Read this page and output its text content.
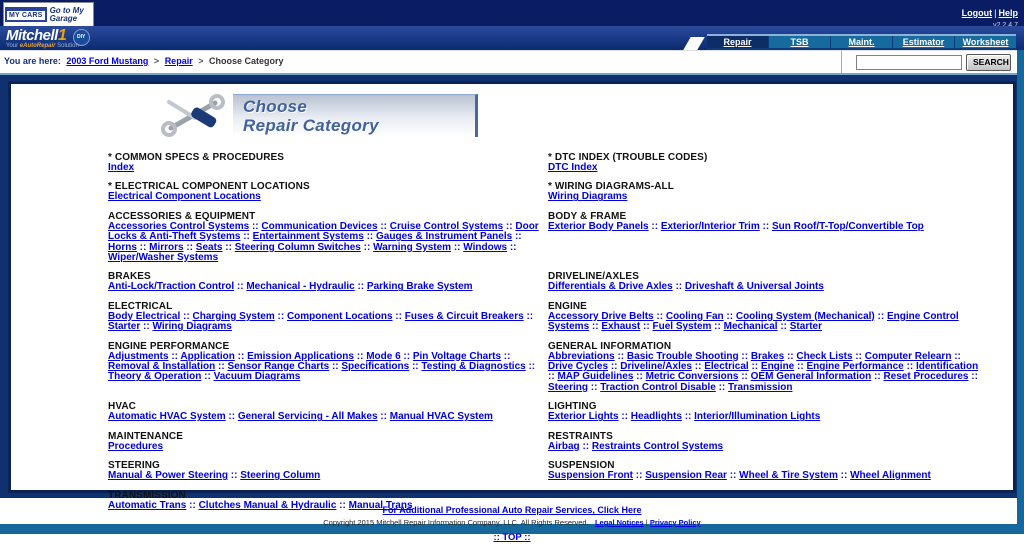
MY CARS
Go to My Garage	Logout | Help
Mitchell1 DIY
Your eAutoRepair Solution	Repair	TSB	Maint.	Estimator	Worksheet
You are here: 2003 Ford Mustang > Repair > Choose Category	SEARCH
Choose
Repair Category
* COMMON SPECS & PROCEDURES
Index
* DTC INDEX (TROUBLE CODES)
DTC Index
* ELECTRICAL COMPONENT LOCATIONS
Electrical Component Locations
* WIRING DIAGRAMS-ALL
Wiring Diagrams
ACCESSORIES & EQUIPMENT
Accessories Control Systems :: Communication Devices :: Cruise Control Systems :: Door Locks & Anti-Theft Systems :: Entertainment Systems :: Gauges & Instrument Panels :: Horns :: Mirrors :: Seats :: Steering Column Switches :: Warning System :: Windows :: Wiper/Washer Systems
BODY & FRAME
Exterior Body Panels :: Exterior/Interior Trim :: Sun Roof/T-Top/Convertible Top
BRAKES
Anti-Lock/Traction Control :: Mechanical - Hydraulic :: Parking Brake System
DRIVELINE/AXLES
Differentials & Drive Axles :: Driveshaft & Universal Joints
ELECTRICAL
Body Electrical :: Charging System :: Component Locations :: Fuses & Circuit Breakers :: Starter :: Wiring Diagrams
ENGINE
Accessory Drive Belts :: Cooling Fan :: Cooling System (Mechanical) :: Engine Control Systems :: Exhaust :: Fuel System :: Mechanical :: Starter
ENGINE PERFORMANCE
Adjustments :: Application :: Emission Applications :: Mode 6 :: Pin Voltage Charts :: Removal & Installation :: Sensor Range Charts :: Specifications :: Testing & Diagnostics :: Theory & Operation :: Vacuum Diagrams
GENERAL INFORMATION
Abbreviations :: Basic Trouble Shooting :: Brakes :: Check Lists :: Computer Relearn :: Drive Cycles :: Driveline/Axles :: Electrical :: Engine :: Engine Performance :: Identification :: MAP Guidelines :: Metric Conversions :: OEM General Information :: Reset Procedures :: Steering :: Traction Control Disable :: Transmission
HVAC
Automatic HVAC System :: General Servicing - All Makes :: Manual HVAC System
LIGHTING
Exterior Lights :: Headlights :: Interior/Illumination Lights
MAINTENANCE
Procedures
RESTRAINTS
Airbag :: Restraints Control Systems
STEERING
Manual & Power Steering :: Steering Column
SUSPENSION
Suspension Front :: Suspension Rear :: Wheel & Tire System :: Wheel Alignment
TRANSMISSION
Automatic Trans :: Clutches Manual & Hydraulic :: Manual Trans
For Additional Professional Auto Repair Services, Click Here
Copyright 2015 Mitchell Repair Information Company, LLC. All Rights Reserved. Legal Notices | Privacy Policy
:: TOP ::
